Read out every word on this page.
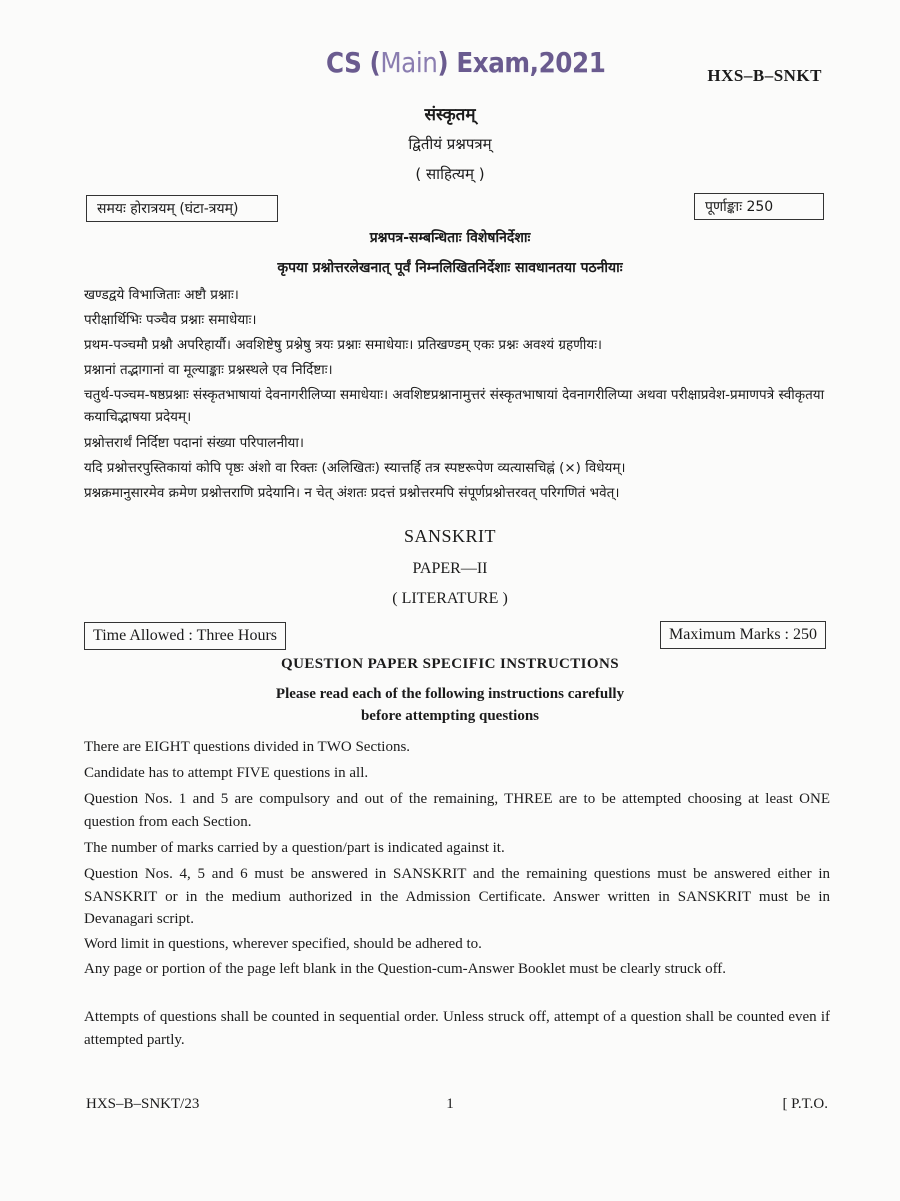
CS (Main) Exam,2021	HXS–B–SNKT
संस्कृतम्
द्वितीयं प्रश्नपत्रम्
( साहित्यम् )
समयः होरात्रयम् (घंटा-त्रयम्)	पूर्णाङ्काः 250
प्रश्नपत्र-सम्बन्धिताः विशेषनिर्देशाः
कृपया प्रश्नोत्तरलेखनात् पूर्वं निम्नलिखितनिर्देशाः सावधानतया पठनीयाः
खण्डद्वये विभाजिताः अष्टौ प्रश्नाः।
परीक्षार्थिभिः पञ्चैव प्रश्नाः समाधेयाः।
प्रथम-पञ्चमौ प्रश्नौ अपरिहार्यौ। अवशिष्टेषु प्रश्नेषु त्रयः प्रश्नाः समाधेयाः। प्रतिखण्डम् एकः प्रश्नः अवश्यं ग्रहणीयः।
प्रश्नानां तद्भागानां वा मूल्याङ्काः प्रश्नस्थले एव निर्दिष्टाः।
चतुर्थ-पञ्चम-षष्ठप्रश्नाः संस्कृतभाषायां देवनागरीलिप्या समाधेयाः। अवशिष्टप्रश्नानामुत्तरं संस्कृतभाषायां देवनागरीलिप्या अथवा परीक्षाप्रवेश-प्रमाणपत्रे स्वीकृतया कयाचिद्भाषया प्रदेयम्।
प्रश्नोत्तरार्थं निर्दिष्टा पदानां संख्या परिपालनीया।
यदि प्रश्नोत्तरपुस्तिकायां कोपि पृष्ठः अंशो वा रिक्तः (अलिखितः) स्यात्तर्हि तत्र स्पष्टरूपेण व्यत्यासचिह्नं (×) विधेयम्।
प्रश्नक्रमानुसारमेव क्रमेण प्रश्नोत्तराणि प्रदेयानि। न चेत् अंशतः प्रदत्तं प्रश्नोत्तरमपि संपूर्णप्रश्नोत्तरवत् परिगणितं भवेत्।
SANSKRIT
PAPER—II
( LITERATURE )
Time Allowed : Three Hours	Maximum Marks : 250
QUESTION PAPER SPECIFIC INSTRUCTIONS
Please read each of the following instructions carefully
before attempting questions
There are EIGHT questions divided in TWO Sections.
Candidate has to attempt FIVE questions in all.
Question Nos. 1 and 5 are compulsory and out of the remaining, THREE are to be attempted choosing at least ONE question from each Section.
The number of marks carried by a question/part is indicated against it.
Question Nos. 4, 5 and 6 must be answered in SANSKRIT and the remaining questions must be answered either in SANSKRIT or in the medium authorized in the Admission Certificate. Answer written in SANSKRIT must be in Devanagari script.
Word limit in questions, wherever specified, should be adhered to.
Any page or portion of the page left blank in the Question-cum-Answer Booklet must be clearly struck off.
Attempts of questions shall be counted in sequential order. Unless struck off, attempt of a question shall be counted even if attempted partly.
HXS–B–SNKT/23	1	[ P.T.O.
